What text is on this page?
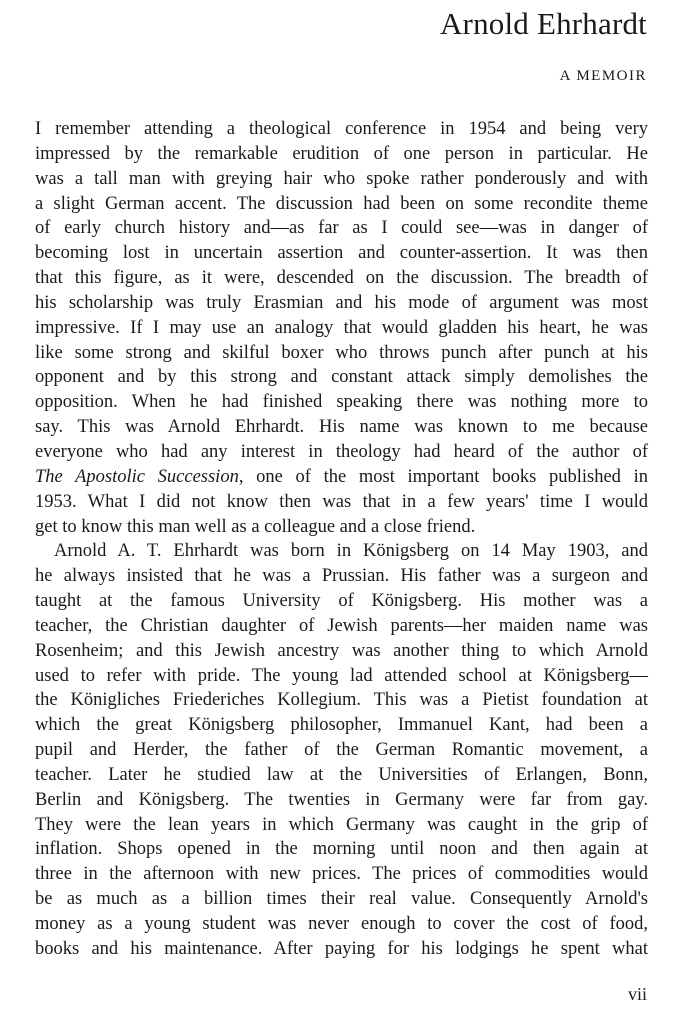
Arnold Ehrhardt
A MEMOIR
I remember attending a theological conference in 1954 and being very
impressed by the remarkable erudition of one person in particular. He
was a tall man with greying hair who spoke rather ponderously and with
a slight German accent. The discussion had been on some recondite theme
of early church history and—as far as I could see—was in danger of
becoming lost in uncertain assertion and counter-assertion. It was then
that this figure, as it were, descended on the discussion. The breadth of
his scholarship was truly Erasmian and his mode of argument was most
impressive. If I may use an analogy that would gladden his heart, he was
like some strong and skilful boxer who throws punch after punch at his
opponent and by this strong and constant attack simply demolishes the
opposition. When he had finished speaking there was nothing more to
say. This was Arnold Ehrhardt. His name was known to me because
everyone who had any interest in theology had heard of the author of
The Apostolic Succession, one of the most important books published in
1953. What I did not know then was that in a few years' time I would
get to know this man well as a colleague and a close friend.
Arnold A. T. Ehrhardt was born in Königsberg on 14 May 1903, and
he always insisted that he was a Prussian. His father was a surgeon and
taught at the famous University of Königsberg. His mother was a
teacher, the Christian daughter of Jewish parents—her maiden name was
Rosenheim; and this Jewish ancestry was another thing to which Arnold
used to refer with pride. The young lad attended school at Königsberg—
the Königliches Friederiches Kollegium. This was a Pietist foundation at
which the great Königsberg philosopher, Immanuel Kant, had been a
pupil and Herder, the father of the German Romantic movement, a
teacher. Later he studied law at the Universities of Erlangen, Bonn,
Berlin and Königsberg. The twenties in Germany were far from gay.
They were the lean years in which Germany was caught in the grip of
inflation. Shops opened in the morning until noon and then again at
three in the afternoon with new prices. The prices of commodities would
be as much as a billion times their real value. Consequently Arnold's
money as a young student was never enough to cover the cost of food,
books and his maintenance. After paying for his lodgings he spent what
vii
